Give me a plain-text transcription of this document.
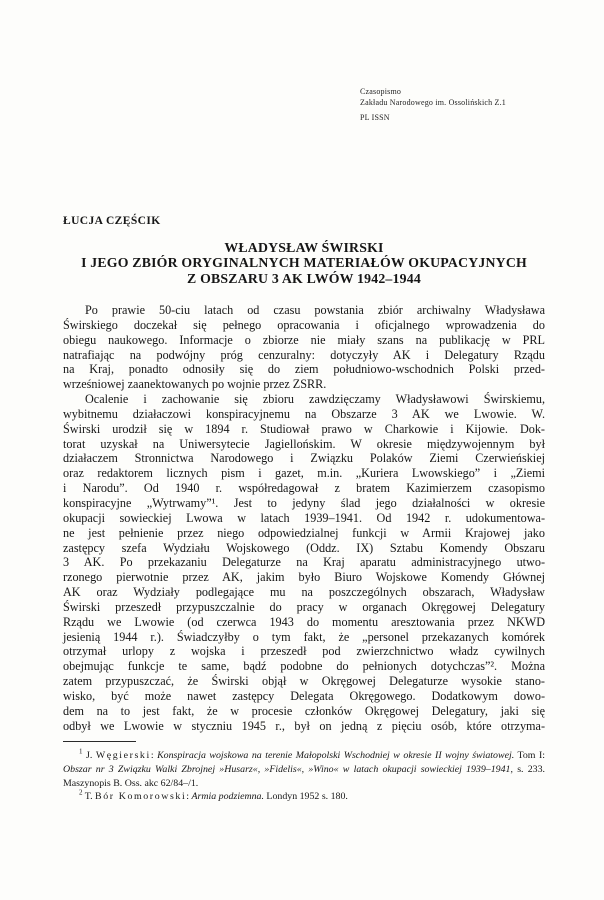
Czasopismo
Zakładu Narodowego im. Ossolińskich Z.1
PL ISSN
ŁUCJA CZĘŚCIK
WŁADYSŁAW ŚWIRSKI
I JEGO ZBIÓR ORYGINALNYCH MATERIAŁÓW OKUPACYJNYCH
Z OBSZARU 3 AK LWÓW 1942–1944
Po prawie 50-ciu latach od czasu powstania zbiór archiwalny Władysława
Świrskiego doczekał się pełnego opracowania i oficjalnego wprowadzenia do
obiegu naukowego. Informacje o zbiorze nie miały szans na publikację w PRL
natrafiając na podwójny próg cenzuralny: dotyczyły AK i Delegatury Rządu
na Kraj, ponadto odnosiły się do ziem południowo-wschodnich Polski przed-
wrześniowej zaanektowanych po wojnie przez ZSRR.
Ocalenie i zachowanie się zbioru zawdzięczamy Władysławowi Świrskiemu,
wybitnemu działaczowi konspiracyjnemu na Obszarze 3 AK we Lwowie. W.
Świrski urodził się w 1894 r. Studiował prawo w Charkowie i Kijowie. Dok-
torat uzyskał na Uniwersytecie Jagiellońskim. W okresie międzywojennym był
działaczem Stronnictwa Narodowego i Związku Polaków Ziemi Czerwieńskiej
oraz redaktorem licznych pism i gazet, m.in. „Kuriera Lwowskiego” i „Ziemi
i Narodu”. Od 1940 r. współredagował z bratem Kazimierzem czasopismo
konspiracyjne „Wytrwamy”¹. Jest to jedyny ślad jego działalności w okresie
okupacji sowieckiej Lwowa w latach 1939–1941. Od 1942 r. udokumentowa-
ne jest pełnienie przez niego odpowiedzialnej funkcji w Armii Krajowej jako
zastępcy szefa Wydziału Wojskowego (Oddz. IX) Sztabu Komendy Obszaru
3 AK. Po przekazaniu Delegaturze na Kraj aparatu administracyjnego utwo-
rzonego pierwotnie przez AK, jakim było Biuro Wojskowe Komendy Głównej
AK oraz Wydziały podlegające mu na poszczególnych obszarach, Władysław
Świrski przeszedł przypuszczalnie do pracy w organach Okręgowej Delegatury
Rządu we Lwowie (od czerwca 1943 do momentu aresztowania przez NKWD
jesienią 1944 r.). Świadczyłby o tym fakt, że „personel przekazanych komórek
otrzymał urlopy z wojska i przeszedł pod zwierzchnictwo władz cywilnych
obejmując funkcje te same, bądź podobne do pełnionych dotychczas”². Można
zatem przypuszczać, że Świrski objął w Okręgowej Delegaturze wysokie stano-
wisko, być może nawet zastępcy Delegata Okręgowego. Dodatkowym dowo-
dem na to jest fakt, że w procesie członków Okręgowej Delegatury, jaki się
odbył we Lwowie w styczniu 1945 r., był on jedną z pięciu osób, które otrzyma-
$^1$ J. Węgierski: Konspiracja wojskowa na terenie Małopolski Wschodniej w okresie II wojny światowej. Tom I: Obszar nr 3 Związku Walki Zbrojnej »Husarz«, »Fidelis«, »Wino« w latach okupacji sowieckiej 1939–1941, s. 233. Maszynopis B. Oss. akc 62/84–/1.
$^2$ T. Bór Komorowski: Armia podziemna. Londyn 1952 s. 180.
